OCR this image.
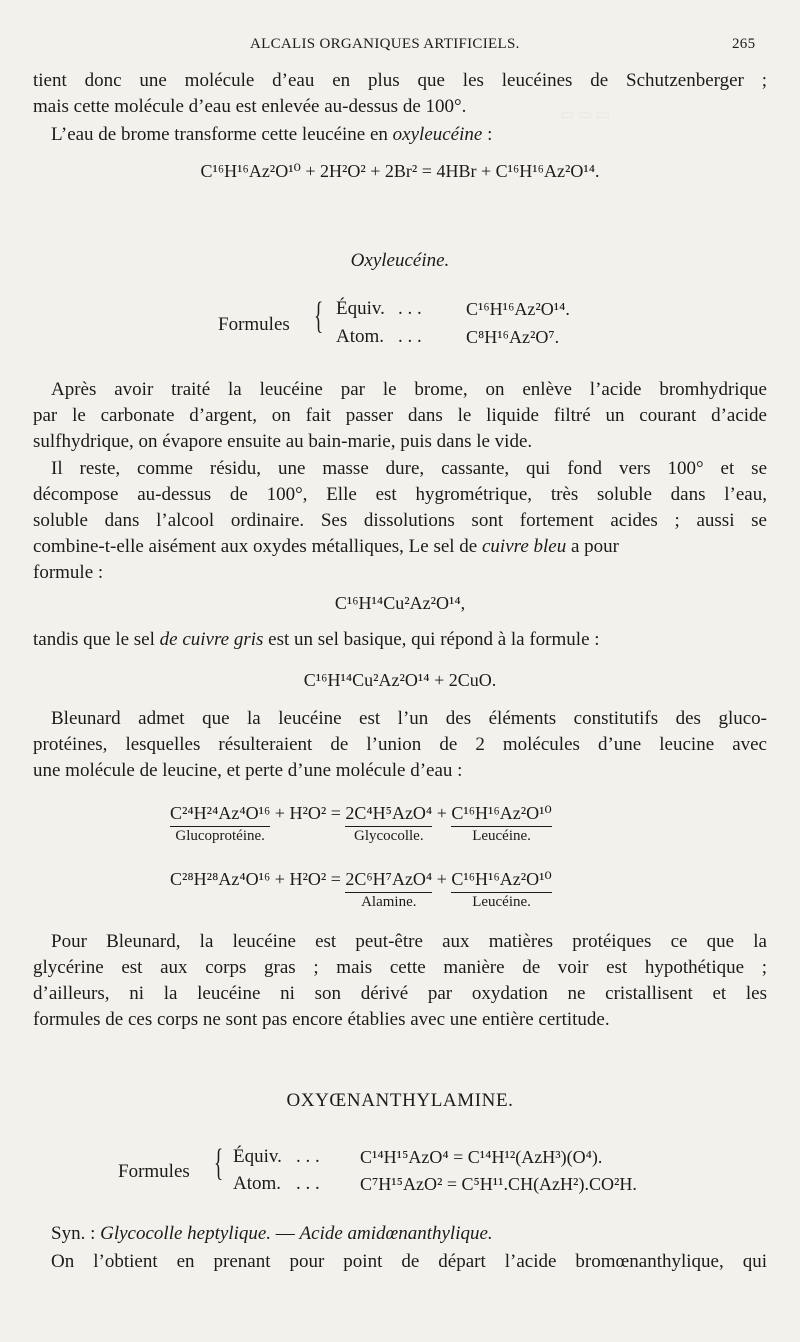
ALCALIS ORGANIQUES ARTIFICIELS.	265
tient donc une molécule d’eau en plus que les leucéines de Schutzenberger ;
mais cette molécule d’eau est enlevée au-dessus de 100°.
L’eau de brome transforme cette leucéine en oxyleucéine :
C¹⁶H¹⁶Az²O¹⁰ + 2H²O² + 2Br² = 4HBr + C¹⁶H¹⁶Az²O¹⁴.
Oxyleucéine.
Formules { Équiv. . . . C¹⁶H¹⁶Az²O¹⁴.
Atom. . . . C⁸H¹⁶Az²O⁷.
Après avoir traité la leucéine par le brome, on enlève l’acide bromhydrique
par le carbonate d’argent, on fait passer dans le liquide filtré un courant d’acide
sulfhydrique, on évapore ensuite au bain-marie, puis dans le vide.
Il reste, comme résidu, une masse dure, cassante, qui fond vers 100° et se
décompose au-dessus de 100°, Elle est hygrométrique, très soluble dans l’eau,
soluble dans l’alcool ordinaire. Ses dissolutions sont fortement acides ; aussi se
combine-t-elle aisément aux oxydes métalliques, Le sel de cuivre bleu a pour
formule :
C¹⁶H¹⁴Cu²Az²O¹⁴,
tandis que le sel de cuivre gris est un sel basique, qui répond à la formule :
C¹⁶H¹⁴Cu²Az²O¹⁴ + 2CuO.
Bleunard admet que la leucéine est l’un des éléments constitutifs des gluco-
protéines, lesquelles résulteraient de l’union de 2 molécules d’une leucine avec
une molécule de leucine, et perte d’une molécule d’eau :
C²⁴H²⁴Az⁴O¹⁶
Glucoprotéine.
+ H²O² = 2C⁴H⁵AzO⁴
Glycocolle.
+ C¹⁶H¹⁶Az²O¹⁰
Leucéine.
C²⁸H²⁸Az⁴O¹⁶ + H²O² = 2C⁶H⁷AzO⁴
Alamine.
+ C¹⁶H¹⁶Az²O¹⁰
Leucéine.
Pour Bleunard, la leucéine est peut-être aux matières protéiques ce que la
glycérine est aux corps gras ; mais cette manière de voir est hypothétique ;
d’ailleurs, ni la leucéine ni son dérivé par oxydation ne cristallisent et les
formules de ces corps ne sont pas encore établies avec une entière certitude.
OXYŒNANTHYLAMINE.
Formules { Équiv. . . . C¹⁴H¹⁵AzO⁴ = C¹⁴H¹²(AzH³)(O⁴).
Atom. . . . C⁷H¹⁵AzO² = C⁵H¹¹.CH(AzH²).CO²H.
Syn. : Glycocolle heptylique. — Acide amidœnanthylique.
On l’obtient en prenant pour point de départ l’acide bromœnanthylique, qui
